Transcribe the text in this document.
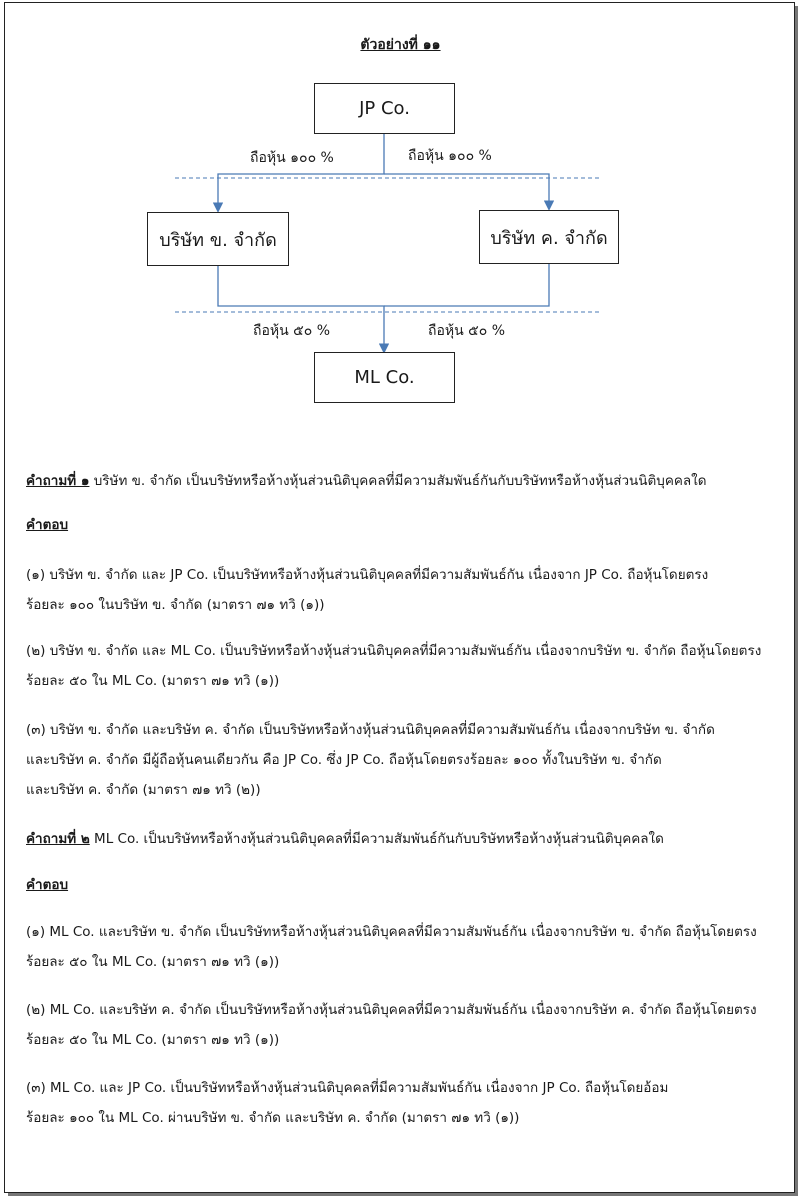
ตัวอย่างที่ ๑๑
JP Co.
บริษัท ข. จำกัด	บริษัท ค. จำกัด
ML Co.
ถือหุ้น ๑๐๐ %	ถือหุ้น ๑๐๐ %
ถือหุ้น ๕๐ %	ถือหุ้น ๕๐ %

คำถามที่ ๑ บริษัท ข. จำกัด เป็นบริษัทหรือห้างหุ้นส่วนนิติบุคคลที่มีความสัมพันธ์กันกับบริษัทหรือห้างหุ้นส่วนนิติบุคคลใด

คำตอบ

(๑) บริษัท ข. จำกัด และ JP Co. เป็นบริษัทหรือห้างหุ้นส่วนนิติบุคคลที่มีความสัมพันธ์กัน เนื่องจาก JP Co. ถือหุ้นโดยตรง

ร้อยละ ๑๐๐ ในบริษัท ข. จำกัด (มาตรา ๗๑ ทวิ (๑))

(๒) บริษัท ข. จำกัด และ ML Co. เป็นบริษัทหรือห้างหุ้นส่วนนิติบุคคลที่มีความสัมพันธ์กัน เนื่องจากบริษัท ข. จำกัด ถือหุ้นโดยตรง

ร้อยละ ๕๐ ใน ML Co. (มาตรา ๗๑ ทวิ (๑))

(๓) บริษัท ข. จำกัด และบริษัท ค. จำกัด เป็นบริษัทหรือห้างหุ้นส่วนนิติบุคคลที่มีความสัมพันธ์กัน เนื่องจากบริษัท ข. จำกัด

และบริษัท ค. จำกัด มีผู้ถือหุ้นคนเดียวกัน คือ JP Co. ซึ่ง JP Co. ถือหุ้นโดยตรงร้อยละ ๑๐๐ ทั้งในบริษัท ข. จำกัด

และบริษัท ค. จำกัด (มาตรา ๗๑ ทวิ (๒))

คำถามที่ ๒ ML Co. เป็นบริษัทหรือห้างหุ้นส่วนนิติบุคคลที่มีความสัมพันธ์กันกับบริษัทหรือห้างหุ้นส่วนนิติบุคคลใด

คำตอบ

(๑) ML Co. และบริษัท ข. จำกัด เป็นบริษัทหรือห้างหุ้นส่วนนิติบุคคลที่มีความสัมพันธ์กัน เนื่องจากบริษัท ข. จำกัด ถือหุ้นโดยตรง

ร้อยละ ๕๐ ใน ML Co. (มาตรา ๗๑ ทวิ (๑))

(๒) ML Co. และบริษัท ค. จำกัด เป็นบริษัทหรือห้างหุ้นส่วนนิติบุคคลที่มีความสัมพันธ์กัน เนื่องจากบริษัท ค. จำกัด ถือหุ้นโดยตรง

ร้อยละ ๕๐ ใน ML Co. (มาตรา ๗๑ ทวิ (๑))

(๓) ML Co. และ JP Co. เป็นบริษัทหรือห้างหุ้นส่วนนิติบุคคลที่มีความสัมพันธ์กัน เนื่องจาก JP Co. ถือหุ้นโดยอ้อม

ร้อยละ ๑๐๐ ใน ML Co. ผ่านบริษัท ข. จำกัด และบริษัท ค. จำกัด (มาตรา ๗๑ ทวิ (๑))
